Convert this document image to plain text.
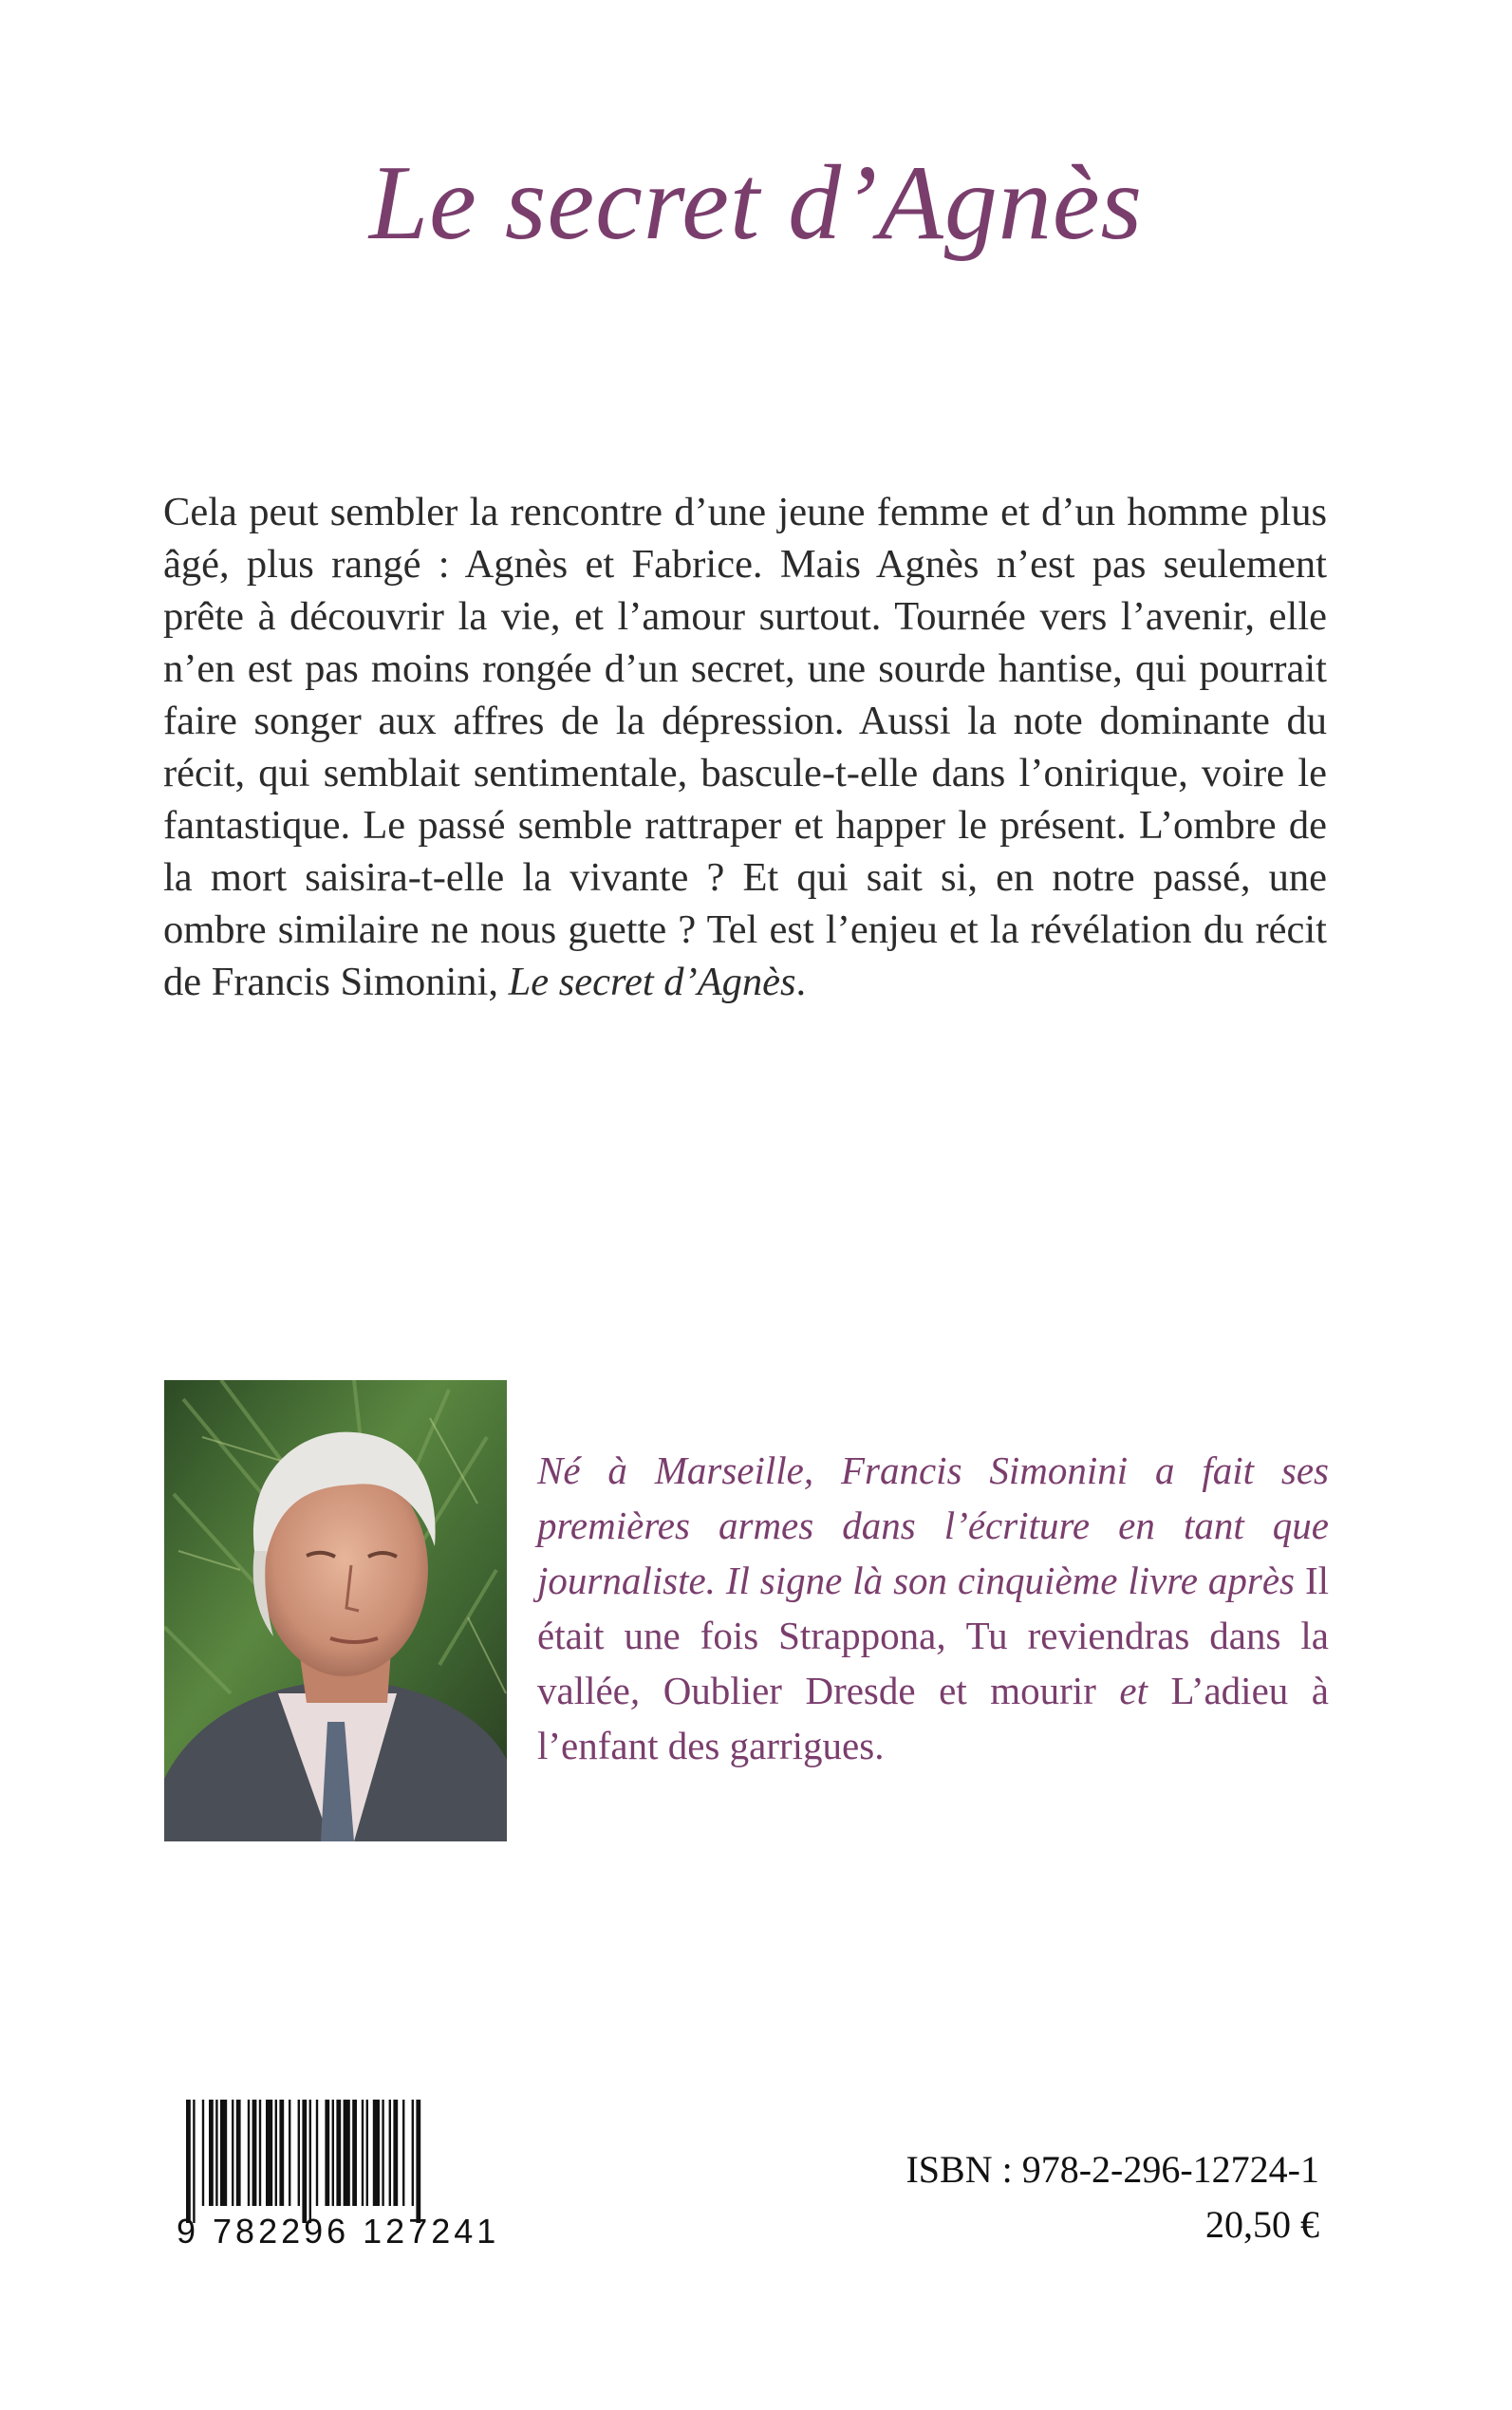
Le secret d’Agnès
Cela peut sembler la rencontre d’une jeune femme et d’un homme plus âgé, plus rangé : Agnès et Fabrice. Mais Agnès n’est pas seulement prête à découvrir la vie, et l’amour surtout. Tournée vers l’avenir, elle n’en est pas moins rongée d’un secret, une sourde hantise, qui pourrait faire songer aux affres de la dépression. Aussi la note dominante du récit, qui semblait sentimentale, bascule-t-elle dans l’onirique, voire le fantastique. Le passé semble rattraper et happer le présent. L’ombre de la mort saisira-t-elle la vivante ? Et qui sait si, en notre passé, une ombre similaire ne nous guette ? Tel est l’enjeu et la révélation du récit de Francis Simonini, Le secret d’Agnès.
Né à Marseille, Francis Simonini a fait ses premières armes dans l’écriture en tant que journaliste. Il signe là son cinquième livre après Il était une fois Strappona, Tu reviendras dans la vallée, Oublier Dresde et mourir et L’adieu à l’enfant des garrigues.
9 782296 127241
ISBN : 978-2-296-12724-1
20,50 €
